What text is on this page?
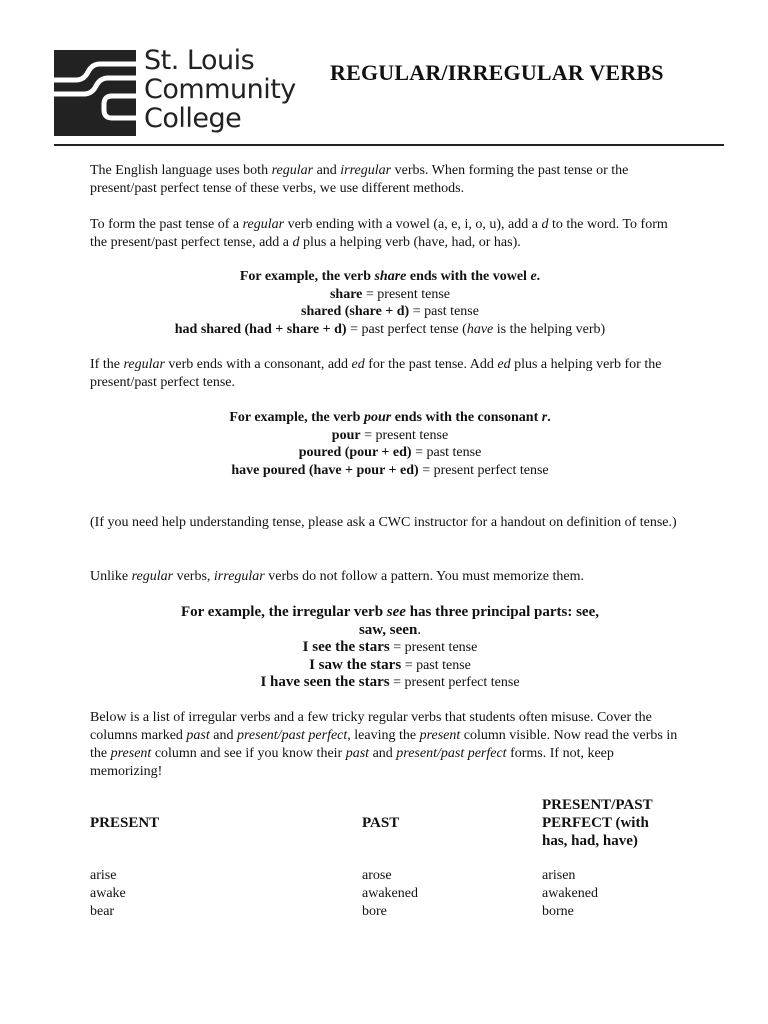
St. Louis
Community
College
REGULAR/IRREGULAR VERBS
The English language uses both regular and irregular verbs. When forming the past tense or the present/past perfect tense of these verbs, we use different methods.
To form the past tense of a regular verb ending with a vowel (a, e, i, o, u), add a d to the word. To form the present/past perfect tense, add a d plus a helping verb (have, had, or has).
For example, the verb share ends with the vowel e.
share = present tense
shared (share + d) = past tense
had shared (had + share + d) = past perfect tense (have is the helping verb)
If the regular verb ends with a consonant, add ed for the past tense. Add ed plus a helping verb for the present/past perfect tense.
For example, the verb pour ends with the consonant r.
pour = present tense
poured (pour + ed) = past tense
have poured (have + pour + ed) = present perfect tense
(If you need help understanding tense, please ask a CWC instructor for a handout on definition of tense.)
Unlike regular verbs, irregular verbs do not follow a pattern. You must memorize them.
For example, the irregular verb see has three principal parts: see, saw, seen.
I see the stars = present tense
I saw the stars = past tense
I have seen the stars = present perfect tense
Below is a list of irregular verbs and a few tricky regular verbs that students often misuse. Cover the columns marked past and present/past perfect, leaving the present column visible. Now read the verbs in the present column and see if you know their past and present/past perfect forms. If not, keep memorizing!
PRESENT	PAST
PRESENT/PAST
PERFECT (with
has, had, have)
arise
awake
bear
arose
awakened
bore
arisen
awakened
borne
